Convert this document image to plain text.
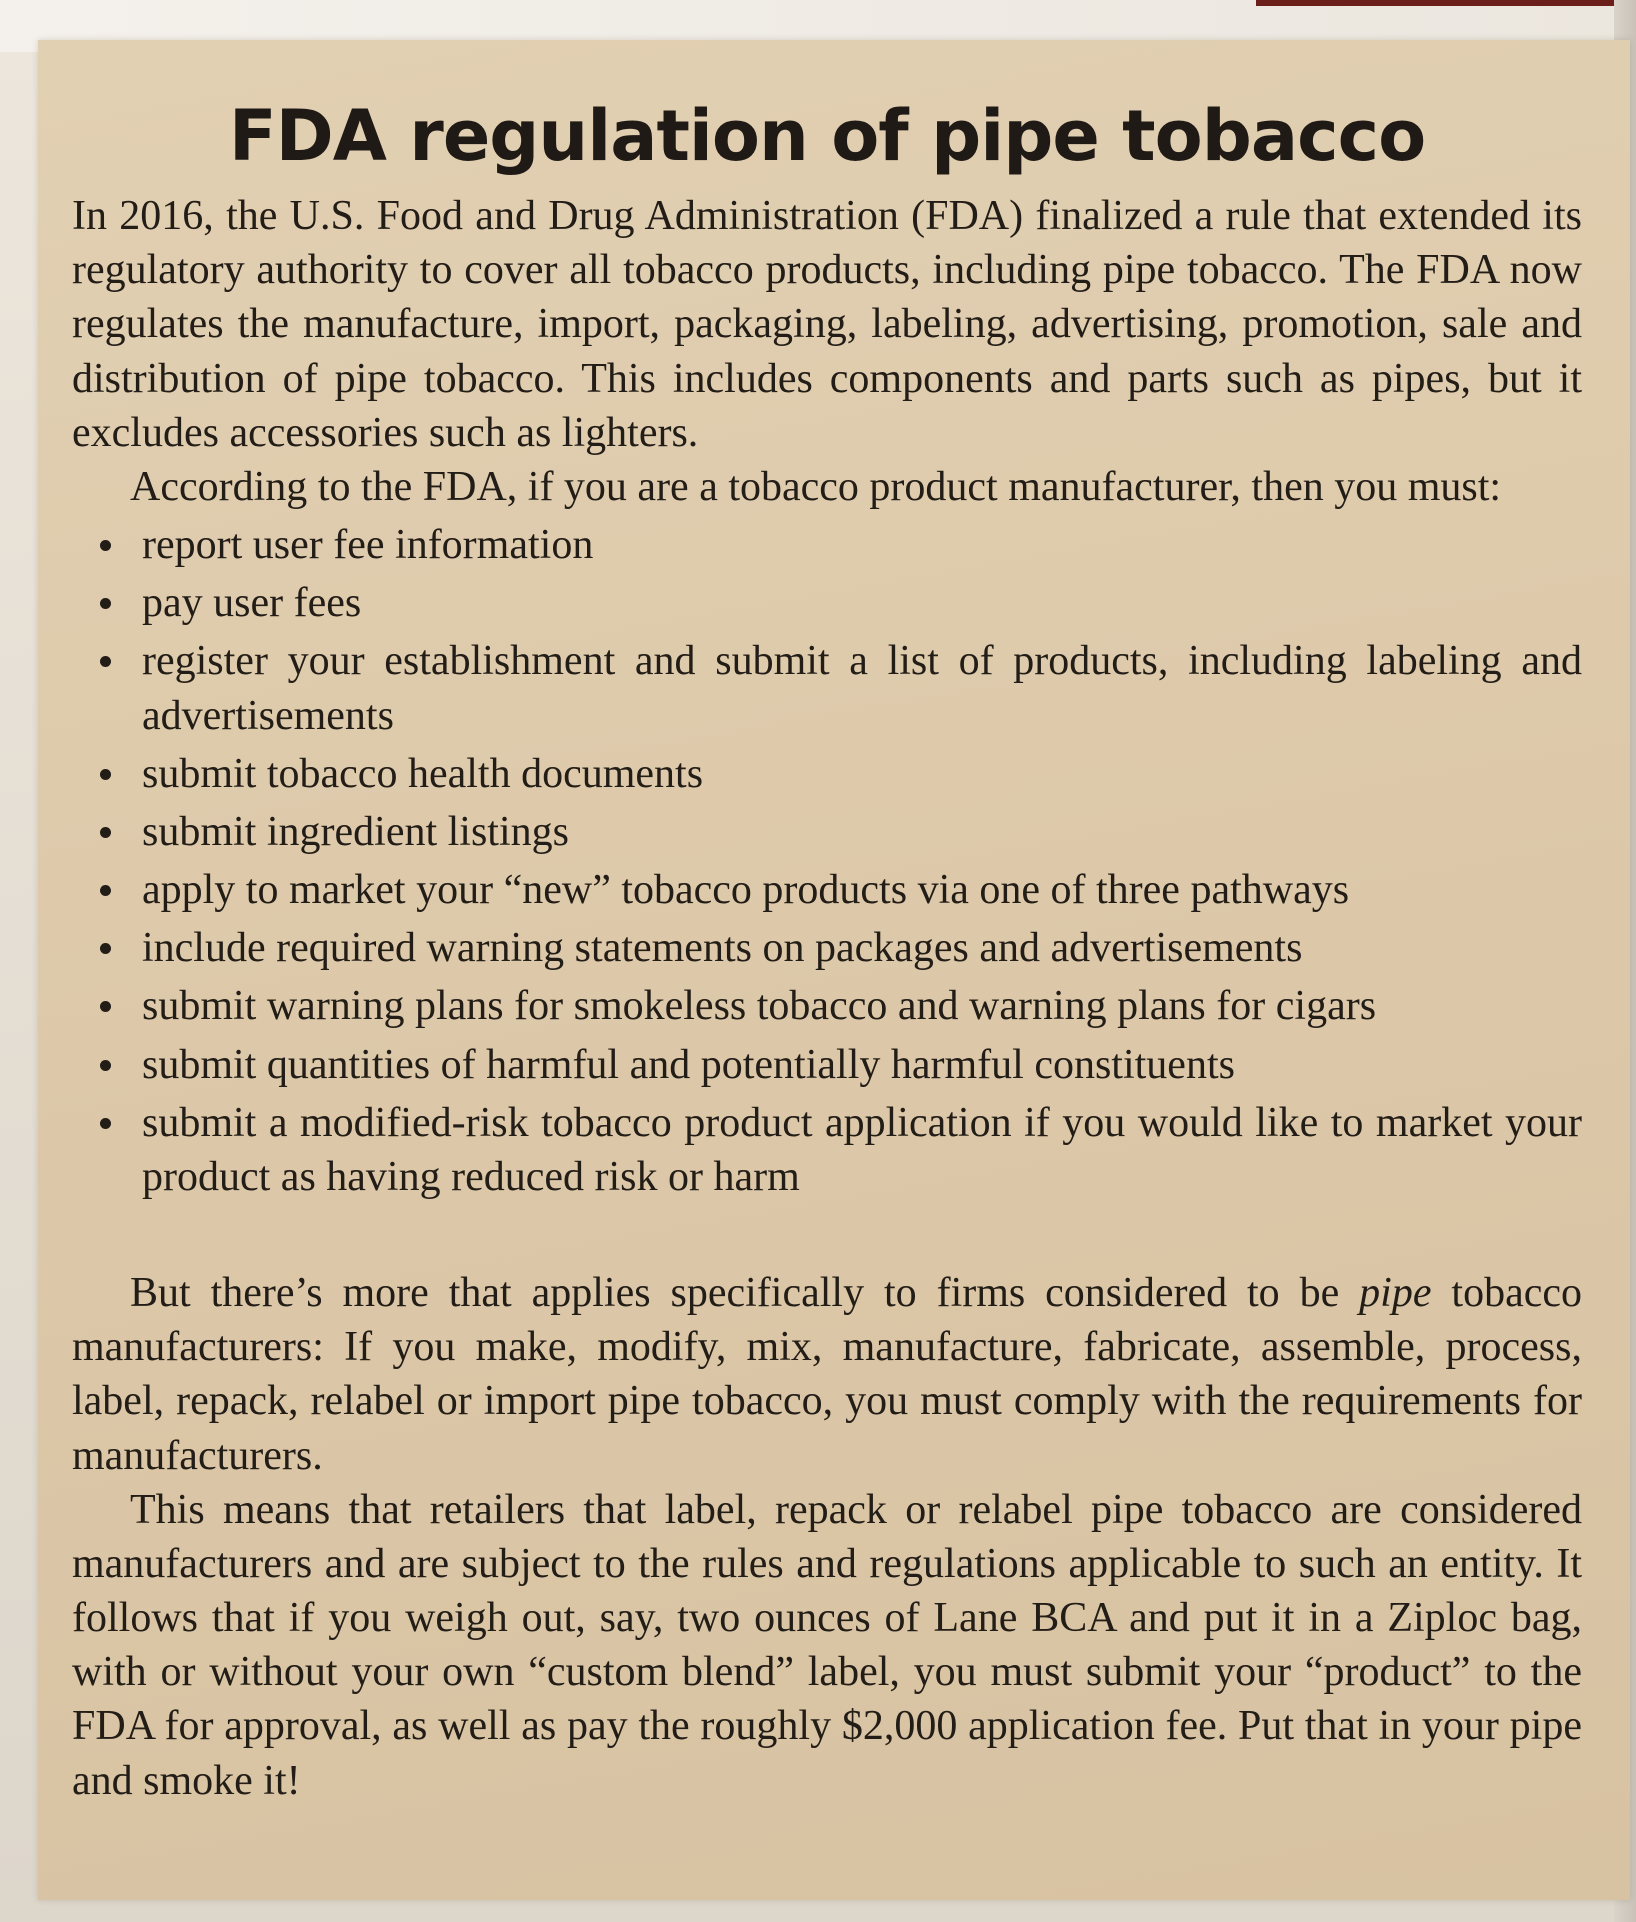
FDA regulation of pipe tobacco

In 2016, the U.S. Food and Drug Administration (FDA) finalized a rule that extended its regulatory authority to cover all tobacco products, including pipe tobacco. The FDA now regulates the manufacture, import, packaging, labeling, advertising, promotion, sale and distribution of pipe tobacco. This includes components and parts such as pipes, but it excludes accessories such as lighters.

According to the FDA, if you are a tobacco product manufacturer, then you must:

report user fee information
pay user fees
register your establishment and submit a list of products, including labeling and advertisements
submit tobacco health documents
submit ingredient listings
apply to market your “new” tobacco products via one of three pathways
include required warning statements on packages and advertisements
submit warning plans for smokeless tobacco and warning plans for cigars
submit quantities of harmful and potentially harmful constituents
submit a modified-risk tobacco product application if you would like to market your product as having reduced risk or harm

But there’s more that applies specifically to firms considered to be pipe tobacco manufacturers: If you make, modify, mix, manufacture, fabricate, assemble, process, label, repack, relabel or import pipe tobacco, you must comply with the requirements for manufacturers.

This means that retailers that label, repack or relabel pipe tobacco are considered manufacturers and are subject to the rules and regulations applicable to such an entity. It follows that if you weigh out, say, two ounces of Lane BCA and put it in a Ziploc bag, with or without your own “custom blend” label, you must submit your “product” to the FDA for approval, as well as pay the roughly $2,000 application fee. Put that in your pipe and smoke it!
